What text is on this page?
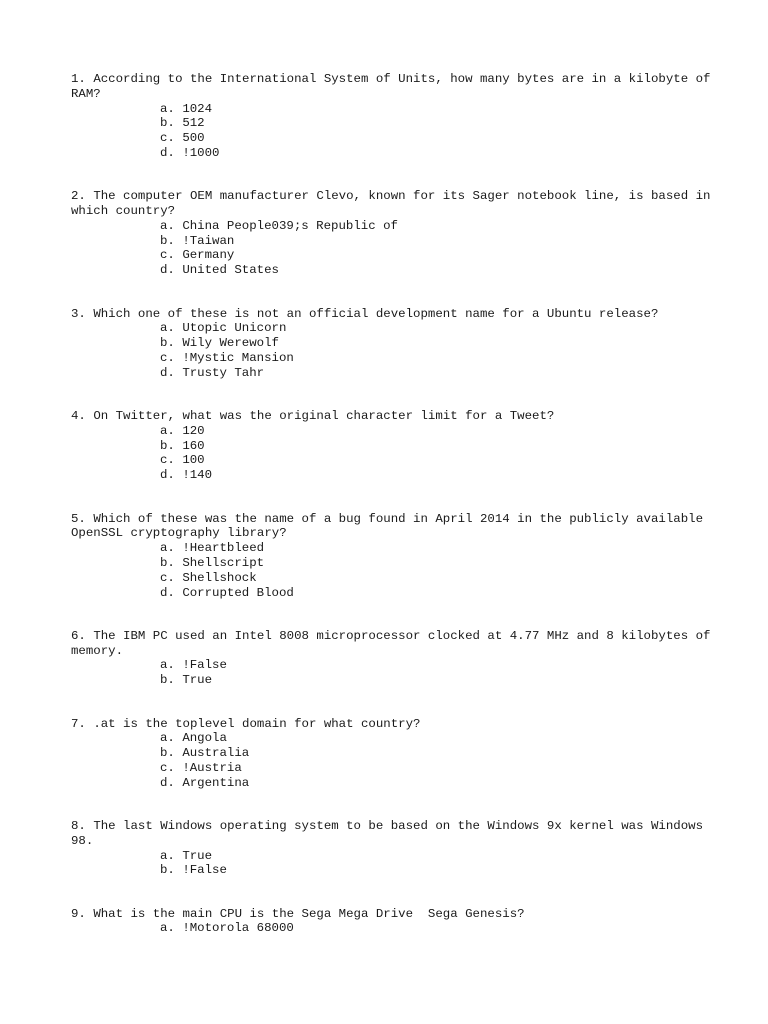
1. According to the International System of Units, how many bytes are in a kilobyte of RAM?

a. 1024
b. 512
c. 500
d. !1000

2. The computer OEM manufacturer Clevo, known for its Sager notebook line, is based in which country?

a. China People039;s Republic of
b. !Taiwan
c. Germany
d. United States

3. Which one of these is not an official development name for a Ubuntu release?

a. Utopic Unicorn
b. Wily Werewolf
c. !Mystic Mansion
d. Trusty Tahr

4. On Twitter, what was the original character limit for a Tweet?

a. 120
b. 160
c. 100
d. !140

5. Which of these was the name of a bug found in April 2014 in the publicly available OpenSSL cryptography library?

a. !Heartbleed
b. Shellscript
c. Shellshock
d. Corrupted Blood

6. The IBM PC used an Intel 8008 microprocessor clocked at 4.77 MHz and 8 kilobytes of memory.

a. !False
b. True

7. .at is the toplevel domain for what country?

a. Angola
b. Australia
c. !Austria
d. Argentina

8. The last Windows operating system to be based on the Windows 9x kernel was Windows 98.

a. True
b. !False

9. What is the main CPU is the Sega Mega Drive  Sega Genesis?

a. !Motorola 68000
